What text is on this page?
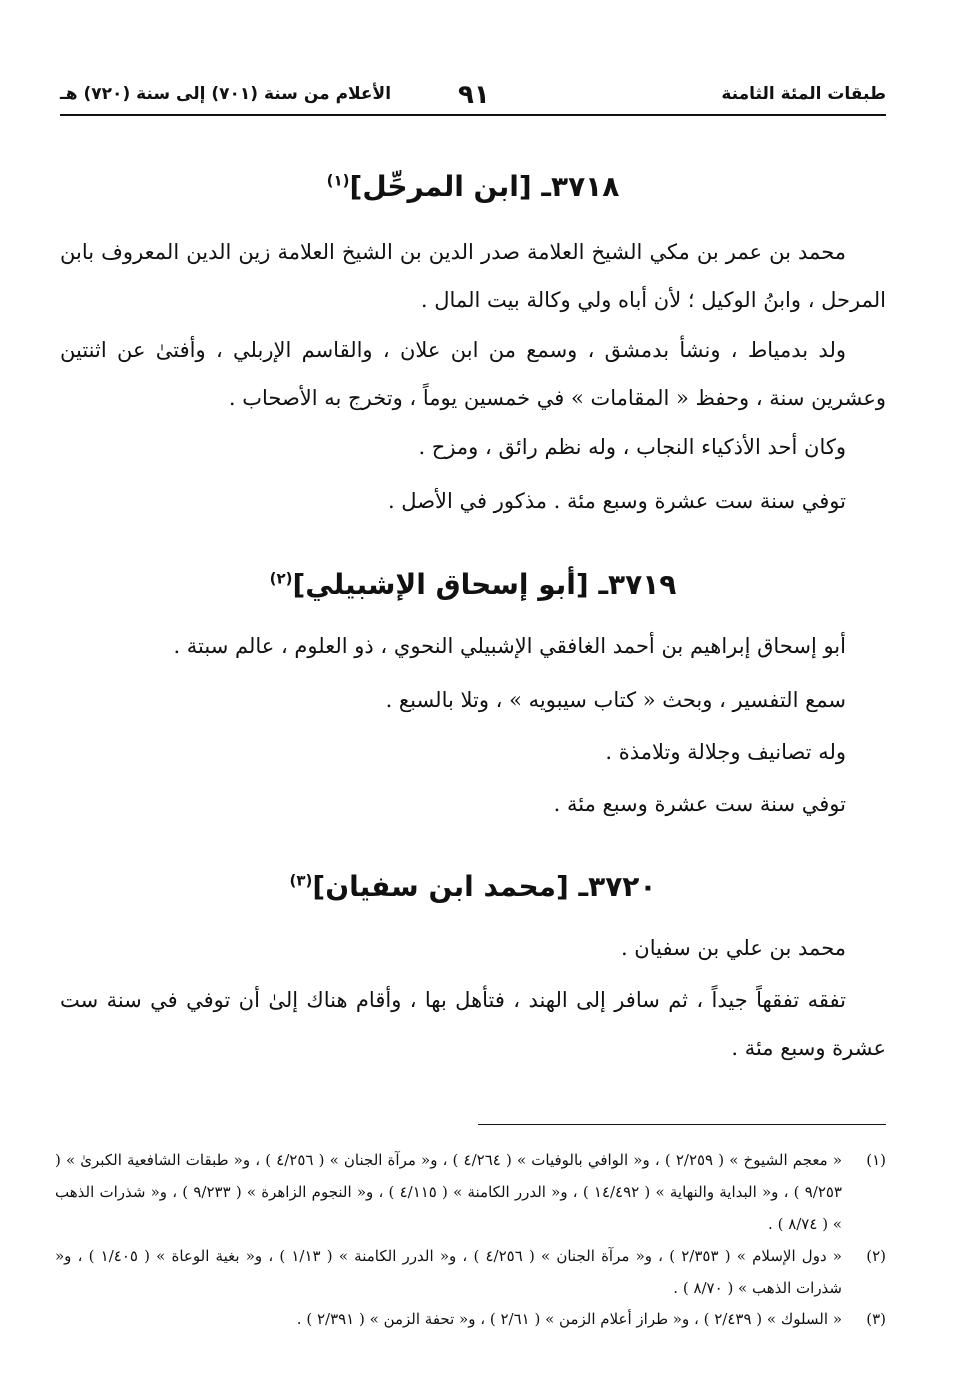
طبقات المئة الثامنة
٩١
الأعلام من سنة (٧٠١) إلى سنة (٧٢٠) هـ
٣٧١٨ـ [ابن المرحِّل]$^{(١)}$

محمد بن عمر بن مكي الشيخ العلامة صدر الدين بن الشيخ العلامة زين الدين المعروف بابن المرحل ، وابنُ الوكيل ؛ لأن أباه ولي وكالة بيت المال .

ولد بدمياط ، ونشأ بدمشق ، وسمع من ابن علان ، والقاسم الإربلي ، وأفتىٰ عن اثنتين وعشرين سنة ، وحفظ « المقامات » في خمسين يوماً ، وتخرج به الأصحاب .

وكان أحد الأذكياء النجاب ، وله نظم رائق ، ومزح .

توفي سنة ست عشرة وسبع مئة . مذكور في الأصل .

٣٧١٩ـ [أبو إسحاق الإشبيلي]$^{(٢)}$

أبو إسحاق إبراهيم بن أحمد الغافقي الإشبيلي النحوي ، ذو العلوم ، عالم سبتة .

سمع التفسير ، وبحث « كتاب سيبويه » ، وتلا بالسبع .

وله تصانيف وجلالة وتلامذة .

توفي سنة ست عشرة وسبع مئة .

٣٧٢٠ـ [محمد ابن سفيان]$^{(٣)}$

محمد بن علي بن سفيان .

تفقه تفقهاً جيداً ، ثم سافر إلى الهند ، فتأهل بها ، وأقام هناك إلىٰ أن توفي في سنة ست عشرة وسبع مئة .

(١)
« معجم الشيوخ » ( ٢/٢٥٩ ) ، و« الوافي بالوفيات » ( ٤/٢٦٤ ) ، و« مرآة الجنان » ( ٤/٢٥٦ ) ، و« طبقات الشافعية الكبرىٰ » ( ٩/٢٥٣ ) ، و« البداية والنهاية » ( ١٤/٤٩٢ ) ، و« الدرر الكامنة » ( ٤/١١٥ ) ، و« النجوم الزاهرة » ( ٩/٢٣٣ ) ، و« شذرات الذهب » ( ٨/٧٤ ) .
(٢)
« دول الإسلام » ( ٢/٣٥٣ ) ، و« مرآة الجنان » ( ٤/٢٥٦ ) ، و« الدرر الكامنة » ( ١/١٣ ) ، و« بغية الوعاة » ( ١/٤٠٥ ) ، و« شذرات الذهب » ( ٨/٧٠ ) .
(٣)
« السلوك » ( ٢/٤٣٩ ) ، و« طراز أعلام الزمن » ( ٢/٦١ ) ، و« تحفة الزمن » ( ٢/٣٩١ ) .
